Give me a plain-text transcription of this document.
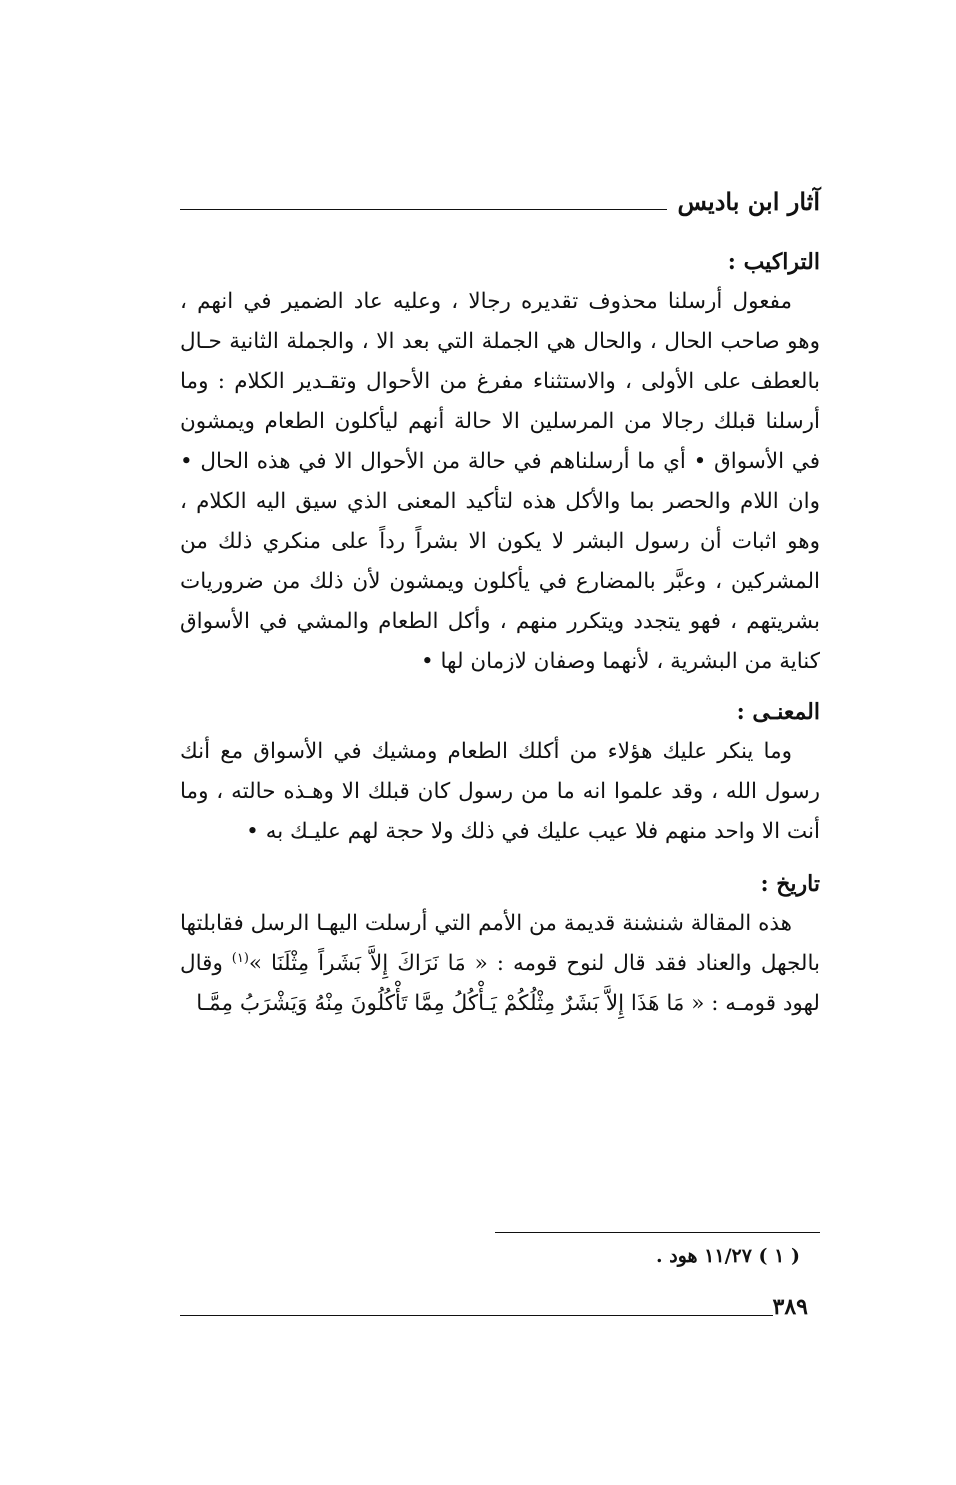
آثار ابن باديس
التراكيب :

مفعول أرسلنا محذوف تقديره رجالا ، وعليه عاد الضمير في انهم ، وهو صاحب الحال ، والحال هي الجملة التي بعد الا ، والجملة الثانية حـال بالعطف على الأولى ، والاستثناء مفرغ من الأحوال وتقـدير الكلام : وما أرسلنا قبلك رجالا من المرسلين الا حالة أنهم ليأكلون الطعام ويمشون في الأسواق • أي ما أرسلناهم في حالة من الأحوال الا في هذه الحال • وان اللام والحصر بما والأكل هذه لتأكيد المعنى الذي سيق اليه الكلام ، وهو اثبات أن رسول البشر لا يكون الا بشراً رداً على منكري ذلك من المشركين ، وعبَّر بالمضارع في يأكلون ويمشون لأن ذلك من ضروريات بشريتهم ، فهو يتجدد ويتكرر منهم ، وأكل الطعام والمشي في الأسواق كناية من البشرية ، لأنهما وصفان لازمان لها •

المعنـى :

وما ينكر عليك هؤلاء من أكلك الطعام ومشيك في الأسواق مع أنك رسول الله ، وقد علموا انه ما من رسول كان قبلك الا وهـذه حالته ، وما أنت الا واحد منهم فلا عيب عليك في ذلك ولا حجة لهم عليـك به •

تاريخ :

هذه المقالة شنشنة قديمة من الأمم التي أرسلت اليهـا الرسل فقابلتها بالجهل والعناد فقد قال لنوح قومه : « مَا نَرَاكَ إِلاَّ بَشَراً مِثْلَنَا »$^{(١)}$ وقال لهود قومـه : « مَا هَذَا إِلاَّ بَشَرٌ مِثْلُكُمْ يَـأْكُلُ مِمَّا تَأْكُلُونَ مِنْهُ وَيَشْرَبُ مِمَّـا

( ١ ) ١١/٢٧ هود .
٣٨٩
